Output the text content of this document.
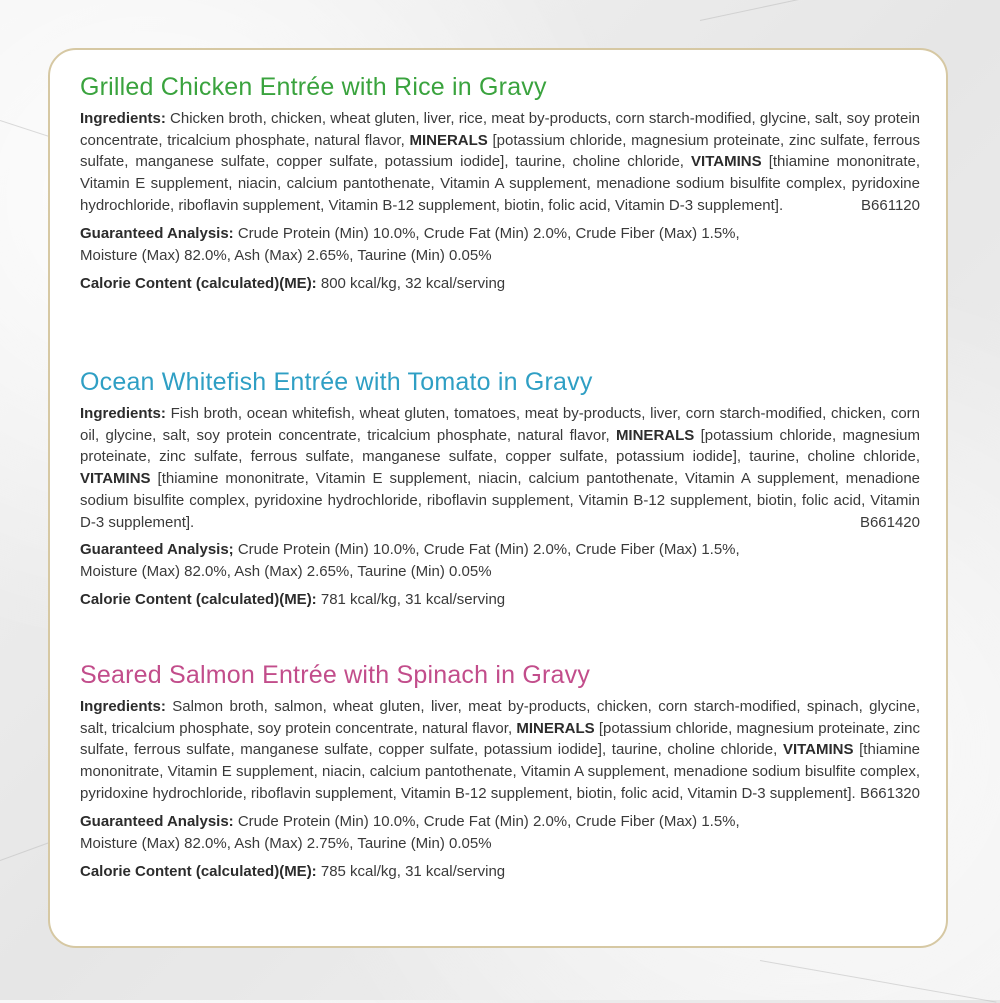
Grilled Chicken Entrée with Rice in Gravy

Ingredients: Chicken broth, chicken, wheat gluten, liver, rice, meat by-products, corn starch-modified, glycine, salt, soy protein concentrate, tricalcium phosphate, natural flavor, MINERALS [potassium chloride, magnesium proteinate, zinc sulfate, ferrous sulfate, manganese sulfate, copper sulfate, potassium iodide], taurine, choline chloride, VITAMINS [thiamine mononitrate, Vitamin E supplement, niacin, calcium pantothenate, Vitamin A supplement, menadione sodium bisulfite complex, pyridoxine hydrochloride, riboflavin supplement, Vitamin B-12 supplement, biotin, folic acid, Vitamin D-3 supplement].	B661120

Guaranteed Analysis: Crude Protein (Min) 10.0%, Crude Fat (Min) 2.0%, Crude Fiber (Max) 1.5%,
Moisture (Max) 82.0%, Ash (Max) 2.65%, Taurine (Min) 0.05%

Calorie Content (calculated)(ME): 800 kcal/kg, 32 kcal/serving

Ocean Whitefish Entrée with Tomato in Gravy

Ingredients: Fish broth, ocean whitefish, wheat gluten, tomatoes, meat by-products, liver, corn starch-modified, chicken, corn oil, glycine, salt, soy protein concentrate, tricalcium phosphate, natural flavor, MINERALS [potassium chloride, magnesium proteinate, zinc sulfate, ferrous sulfate, manganese sulfate, copper sulfate, potassium iodide], taurine, choline chloride, VITAMINS [thiamine mononitrate, Vitamin E supplement, niacin, calcium pantothenate, Vitamin A supplement, menadione sodium bisulfite complex, pyridoxine hydrochloride, riboflavin supplement, Vitamin B-12 supplement, biotin, folic acid, Vitamin D-3 supplement].	B661420

Guaranteed Analysis; Crude Protein (Min) 10.0%, Crude Fat (Min) 2.0%, Crude Fiber (Max) 1.5%,
Moisture (Max) 82.0%, Ash (Max) 2.65%, Taurine (Min) 0.05%

Calorie Content (calculated)(ME): 781 kcal/kg, 31 kcal/serving

Seared Salmon Entrée with Spinach in Gravy

Ingredients: Salmon broth, salmon, wheat gluten, liver, meat by-products, chicken, corn starch-modified, spinach, glycine, salt, tricalcium phosphate, soy protein concentrate, natural flavor, MINERALS [potassium chloride, magnesium proteinate, zinc sulfate, ferrous sulfate, manganese sulfate, copper sulfate, potassium iodide], taurine, choline chloride, VITAMINS [thiamine mononitrate, Vitamin E supplement, niacin, calcium pantothenate, Vitamin A supplement, menadione sodium bisulfite complex, pyridoxine hydrochloride, riboflavin supplement, Vitamin B-12 supplement, biotin, folic acid, Vitamin D-3 supplement]. B661320

Guaranteed Analysis: Crude Protein (Min) 10.0%, Crude Fat (Min) 2.0%, Crude Fiber (Max) 1.5%,
Moisture (Max) 82.0%, Ash (Max) 2.75%, Taurine (Min) 0.05%

Calorie Content (calculated)(ME): 785 kcal/kg, 31 kcal/serving
